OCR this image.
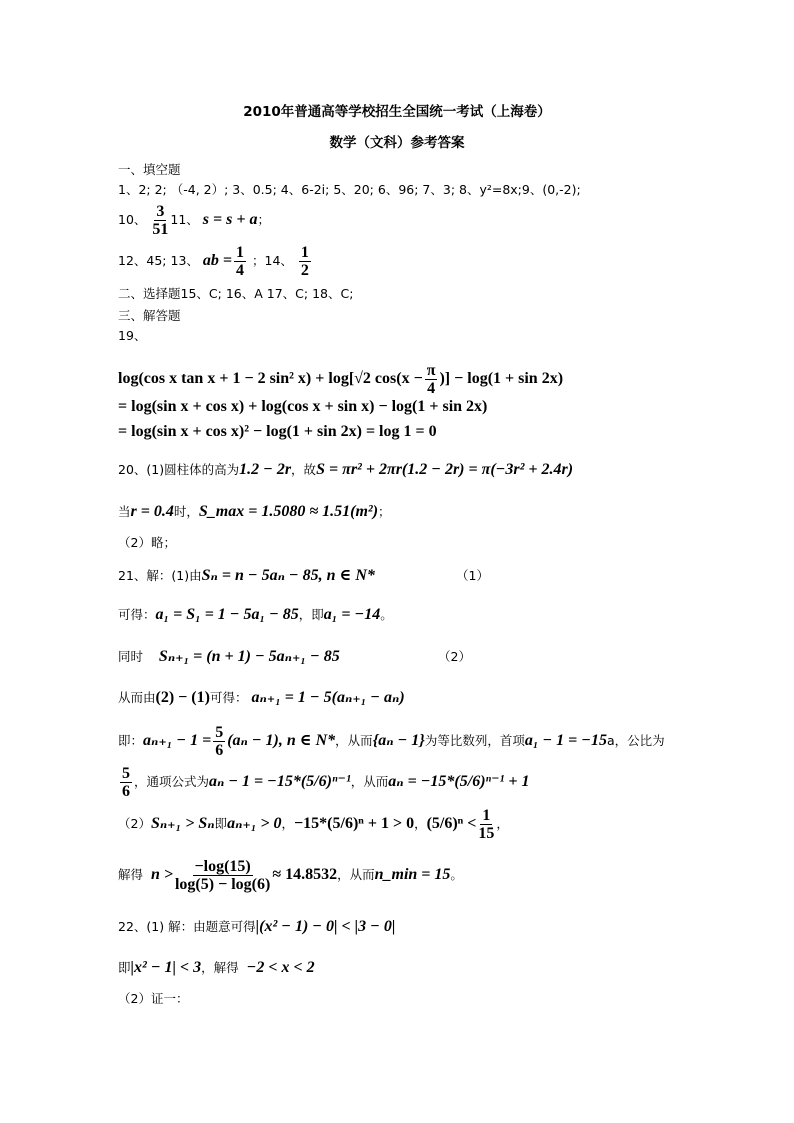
2010年普通高等学校招生全国统一考试（上海卷）
数学（文科）参考答案
一、填空题
1、2; 2; （-4, 2）; 3、0.5; 4、6-2i; 5、20; 6、96; 7、3; 8、y²=8x;9、(0,-2);
10、 $\frac{3}{51} 11$、 s = s + a；
12、45; 13、 ab = $\frac{1}{4}$ ；14、 $\frac{1}{2}$
二、选择题15、C; 16、A 17、C; 18、C;
三、解答题
19、
log(cos x tan x + 1 − 2 sin² x) + log[√2 $\cos(x - \frac{\pi}{4}$ )] − log(1 + sin 2x)
= log(sin x + cos x) + log(cos x + sin x) − log(1 + sin 2x)
= log(sin x + cos x)² − log(1 + sin 2x) = log 1 = 0
20、(1)圆柱体的高为1.2 − 2r，故S = πr² + 2πr(1.2 − 2r) = π(−3r² + 2.4r)
当r = 0.4时，S_max = 1.5080 ≈ 1.51(m²)；
（2）略；
21、解：(1)由Sₙ = n − 5aₙ − 85, n ∈ N*	（1）
可得：a₁ = S₁ = 1 − 5a₁ − 85，即a₁ = −14。
同时 Sₙ₊₁ = (n + 1) − 5aₙ₊₁ − 85	（2）
从而由(2) − (1)可得： aₙ₊₁ = 1 − 5(aₙ₊₁ − aₙ)
即：$a_{n+1} - 1 = \frac{5}{6} (a_n - 1)$, n ∈ N*，从而{aₙ − 1}为等比数列，首项a₁ − 1 = −15a，公比为
$\frac{5}{6}$ ，通项公式为aₙ − 1 = −15*(5/6)ⁿ⁻¹，从而aₙ = −15*(5/6)ⁿ⁻¹ + 1
（2）Sₙ₊₁ > Sₙ即aₙ₊₁ > 0，−15*(5/6)ⁿ + 1 > 0，$(5/6)^n < \frac{1}{15}$ ，
解得 $n > \frac{-\log(15)}{\log(5) - \log(6)} \approx 14.8532$，从而n_min = 15。
22、(1) 解：由题意可得|(x² − 1) − 0| < |3 − 0|
即|x² − 1| < 3，解得 −2 < x < 2
（2）证一：
